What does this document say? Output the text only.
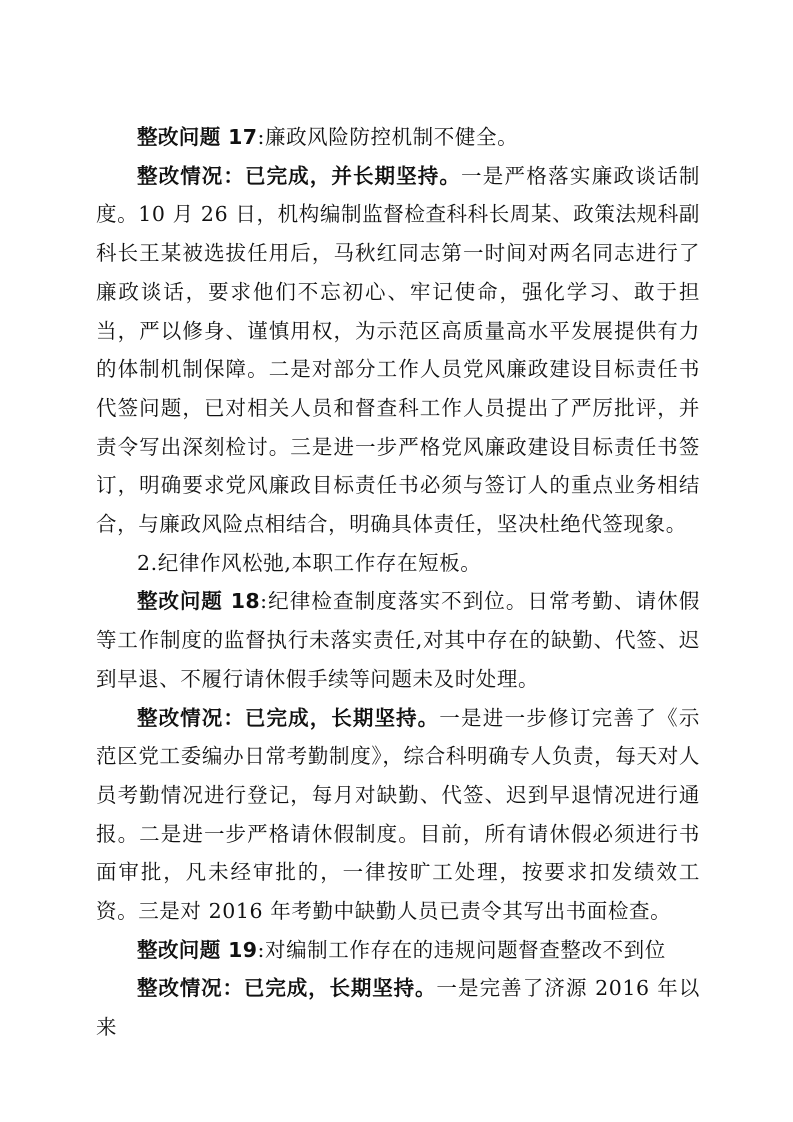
整改问题 17:廉政风险防控机制不健全。

整改情况：已完成，并长期坚持。一是严格落实廉政谈话制度。10 月 26 日，机构编制监督检查科科长周某、政策法规科副科长王某被选拔任用后，马秋红同志第一时间对两名同志进行了廉政谈话，要求他们不忘初心、牢记使命，强化学习、敢于担当，严以修身、谨慎用权，为示范区高质量高水平发展提供有力的体制机制保障。二是对部分工作人员党风廉政建设目标责任书代签问题，已对相关人员和督查科工作人员提出了严厉批评，并责令写出深刻检讨。三是进一步严格党风廉政建设目标责任书签订，明确要求党风廉政目标责任书必须与签订人的重点业务相结合，与廉政风险点相结合，明确具体责任，坚决杜绝代签现象。

2.纪律作风松弛,本职工作存在短板。

整改问题 18:纪律检查制度落实不到位。日常考勤、请休假等工作制度的监督执行未落实责任,对其中存在的缺勤、代签、迟到早退、不履行请休假手续等问题未及时处理。

整改情况：已完成，长期坚持。一是进一步修订完善了《示范区党工委编办日常考勤制度》，综合科明确专人负责，每天对人员考勤情况进行登记，每月对缺勤、代签、迟到早退情况进行通报。二是进一步严格请休假制度。目前，所有请休假必须进行书面审批，凡未经审批的，一律按旷工处理，按要求扣发绩效工资。三是对 2016 年考勤中缺勤人员已责令其写出书面检查。

整改问题 19:对编制工作存在的违规问题督查整改不到位

整改情况：已完成，长期坚持。一是完善了济源 2016 年以来
